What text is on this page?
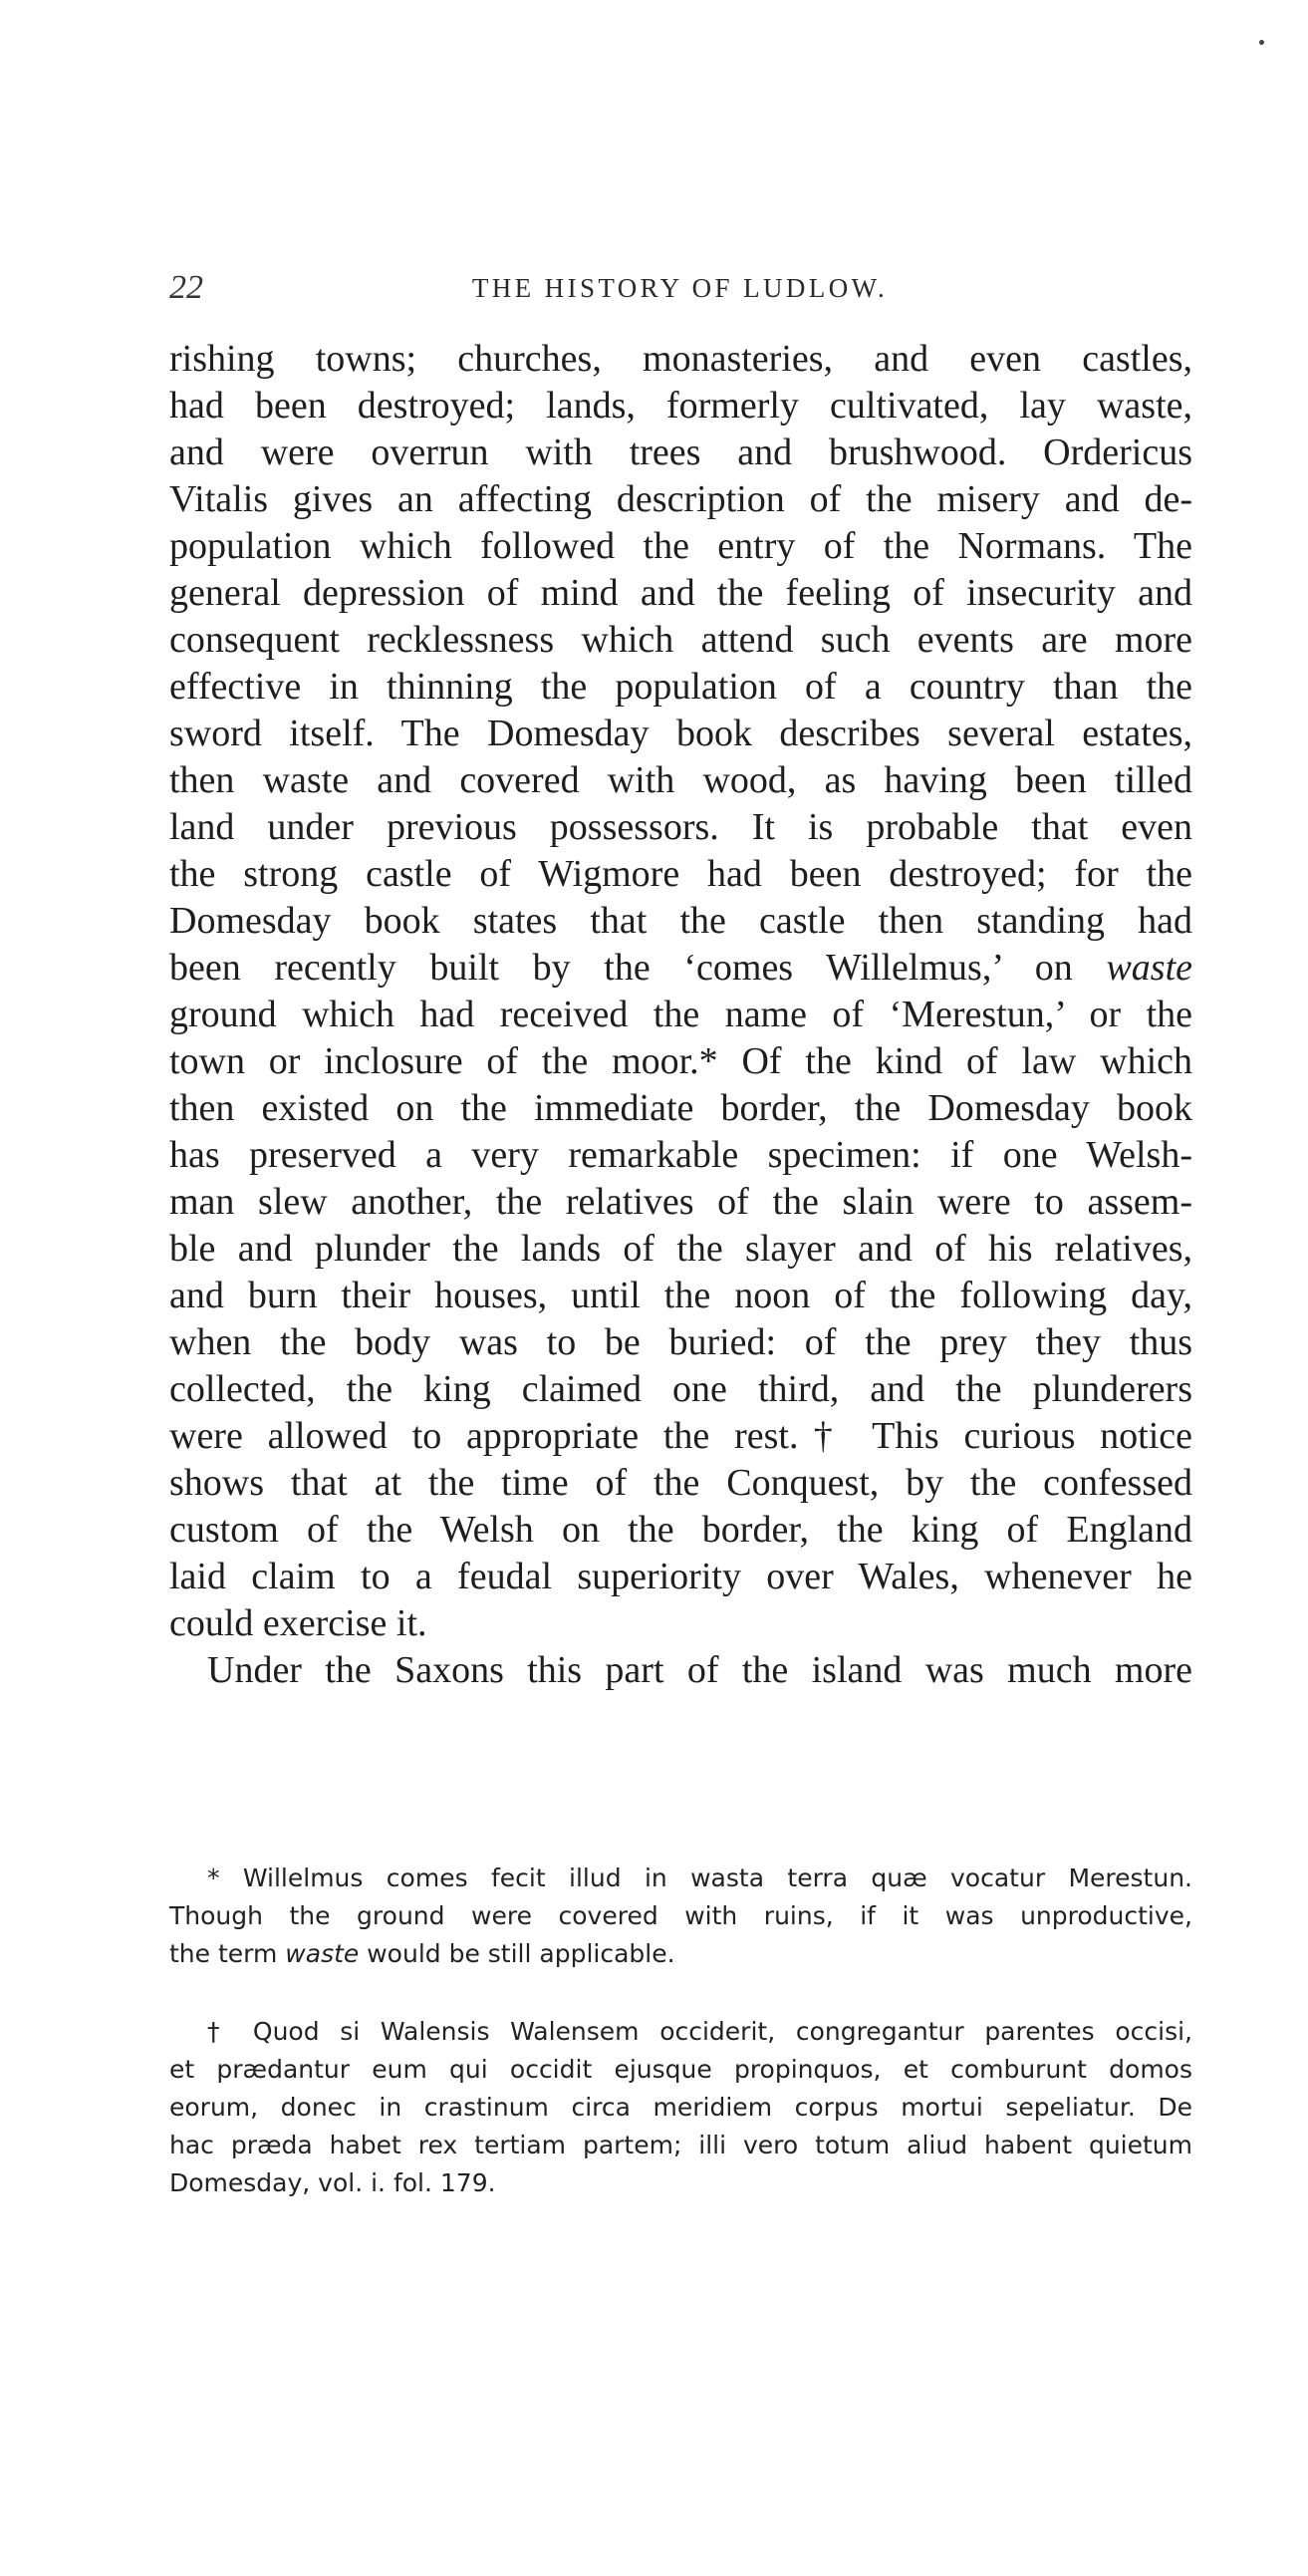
22	THE HISTORY OF LUDLOW.
rishing towns; churches, monasteries, and even castles,
had been destroyed; lands, formerly cultivated, lay waste,
and were overrun with trees and brushwood. Ordericus
Vitalis gives an affecting description of the misery and de-
population which followed the entry of the Normans. The
general depression of mind and the feeling of insecurity and
consequent recklessness which attend such events are more
effective in thinning the population of a country than the
sword itself. The Domesday book describes several estates,
then waste and covered with wood, as having been tilled
land under previous possessors. It is probable that even
the strong castle of Wigmore had been destroyed; for the
Domesday book states that the castle then standing had
been recently built by the ‘comes Willelmus,’ on waste
ground which had received the name of ‘Merestun,’ or the
town or inclosure of the moor.* Of the kind of law which
then existed on the immediate border, the Domesday book
has preserved a very remarkable specimen: if one Welsh-
man slew another, the relatives of the slain were to assem-
ble and plunder the lands of the slayer and of his relatives,
and burn their houses, until the noon of the following day,
when the body was to be buried: of the prey they thus
collected, the king claimed one third, and the plunderers
were allowed to appropriate the rest.† This curious notice
shows that at the time of the Conquest, by the confessed
custom of the Welsh on the border, the king of England
laid claim to a feudal superiority over Wales, whenever he
could exercise it.
Under the Saxons this part of the island was much more
* Willelmus comes fecit illud in wasta terra quæ vocatur Merestun.
Though the ground were covered with ruins, if it was unproductive,
the term waste would be still applicable.
† Quod si Walensis Walensem occiderit, congregantur parentes occisi,
et prædantur eum qui occidit ejusque propinquos, et comburunt domos
eorum, donec in crastinum circa meridiem corpus mortui sepeliatur. De
hac præda habet rex tertiam partem; illi vero totum aliud habent quietum
Domesday, vol. i. fol. 179.
